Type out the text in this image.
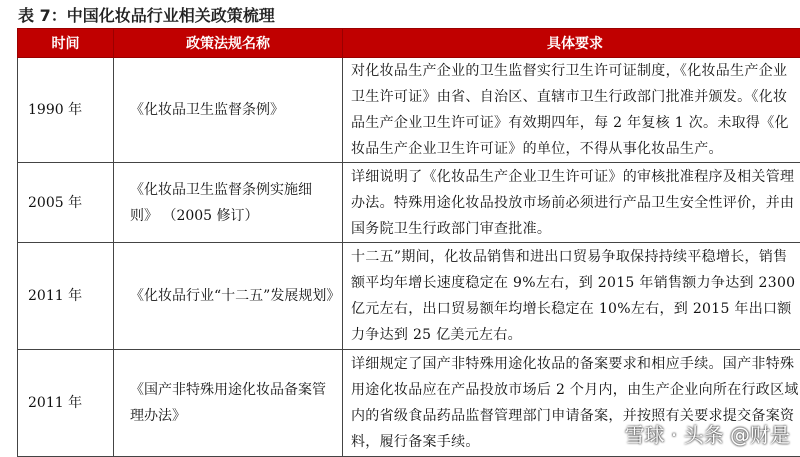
表 7：中国化妆品行业相关政策梳理
时间	政策法规名称	具体要求
1990 年	《化妆品卫生监督条例》	对化妆品生产企业的卫生监督实行卫生许可证制度，《化妆品生产企业卫生许可证》由省、自治区、直辖市卫生行政部门批准并颁发。《化妆品生产企业卫生许可证》有效期四年，每 2 年复核 1 次。未取得《化妆品生产企业卫生许可证》的单位，不得从事化妆品生产。
2005 年	《化妆品卫生监督条例实施细则》 （2005 修订）	详细说明了《化妆品生产企业卫生许可证》的审核批准程序及相关管理办法。特殊用途化妆品投放市场前必须进行产品卫生安全性评价，并由国务院卫生行政部门审查批准。
2011 年	《化妆品行业“十二五”发展规划》	十二五”期间，化妆品销售和进出口贸易争取保持持续平稳增长，销售额平均年增长速度稳定在 9%左右，到 2015 年销售额力争达到 2300 亿元左右，出口贸易额年均增长稳定在 10%左右，到 2015 年出口额力争达到 25 亿美元左右。
2011 年	《国产非特殊用途化妆品备案管理办法》	详细规定了国产非特殊用途化妆品的备案要求和相应手续。国产非特殊用途化妆品应在产品投放市场后 2 个月内，由生产企业向所在行政区域内的省级食品药品监督管理部门申请备案，并按照有关要求提交备案资料，履行备案手续。	雪球 · 头条 @财是
